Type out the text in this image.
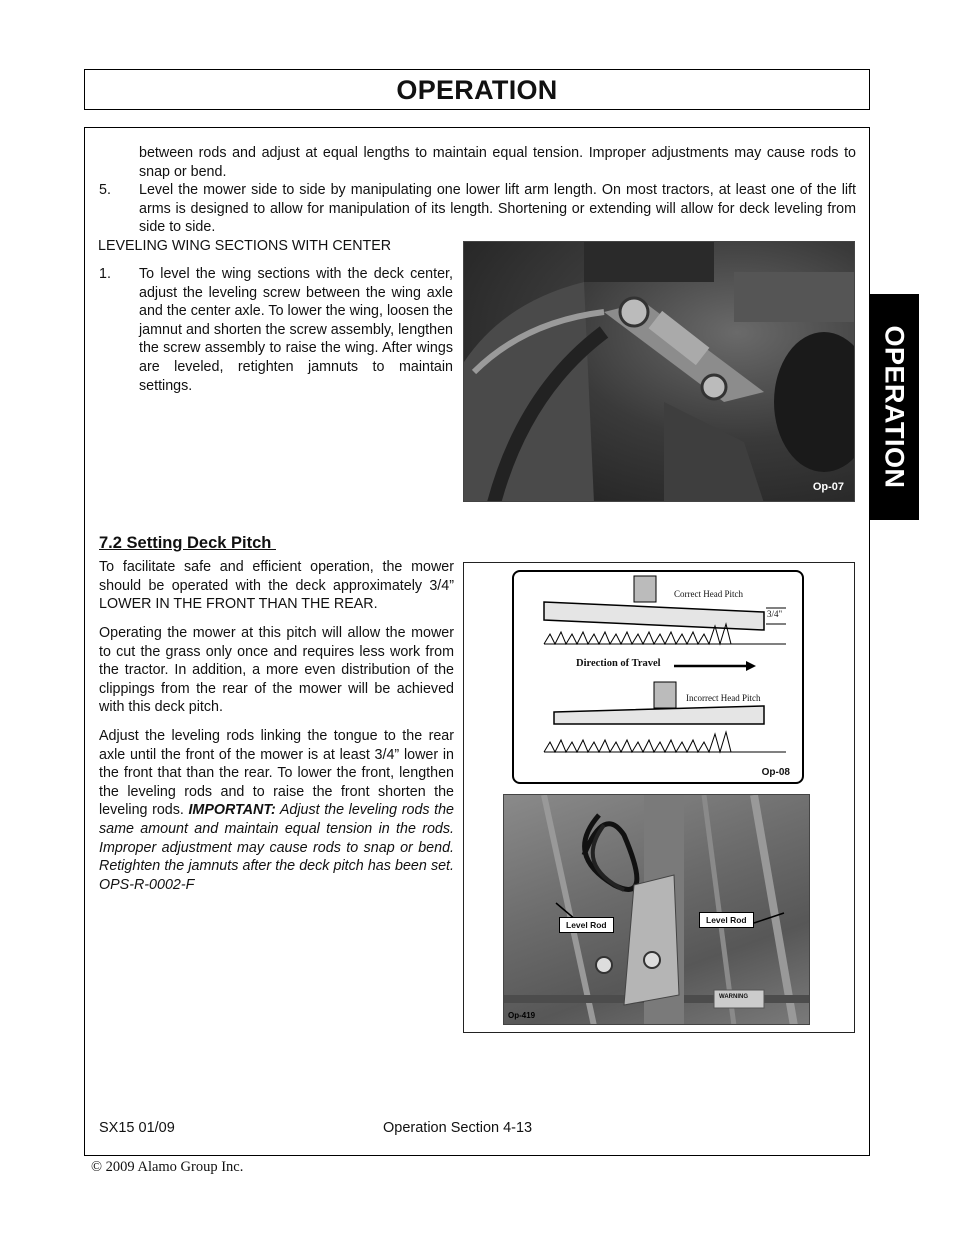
OPERATION
OPERATION
between rods and adjust at equal lengths to maintain equal tension. Improper adjustments may cause rods to snap or bend.
5. Level the mower side to side by manipulating one lower lift arm length. On most tractors, at least one of the lift arms is designed to allow for manipulation of its length. Shortening or extending will allow for deck leveling from side to side.
LEVELING WING SECTIONS WITH CENTER
1. To level the wing sections with the deck center, adjust the leveling screw between the wing axle and the center axle. To lower the wing, loosen the jamnut and shorten the screw assembly, lengthen the screw assembly to raise the wing. After wings are leveled, retighten jamnuts to maintain settings.
Op-07
7.2 Setting Deck Pitch
To facilitate safe and efficient operation, the mower should be operated with the deck approximately 3/4” LOWER IN THE FRONT THAN THE REAR.
Operating the mower at this pitch will allow the mower to cut the grass only once and requires less work from the tractor. In addition, a more even distribution of the clippings from the rear of the mower will be achieved with this deck pitch.
Adjust the leveling rods linking the tongue to the rear axle until the front of the mower is at least 3/4” lower in the front that than the rear. To lower the front, lengthen the leveling rods and to raise the front shorten the leveling rods. IMPORTANT: Adjust the leveling rods the same amount and maintain equal tension in the rods. Improper adjustment may cause rods to snap or bend. Retighten the jamnuts after the deck pitch has been set. OPS-R-0002-F
Correct Head Pitch
3/4"
Direction of Travel
Incorrect Head Pitch
Op-08
Level Rod	Level Rod
WARNING
Op-419
SX15 01/09	Operation Section 4-13
© 2009 Alamo Group Inc.
